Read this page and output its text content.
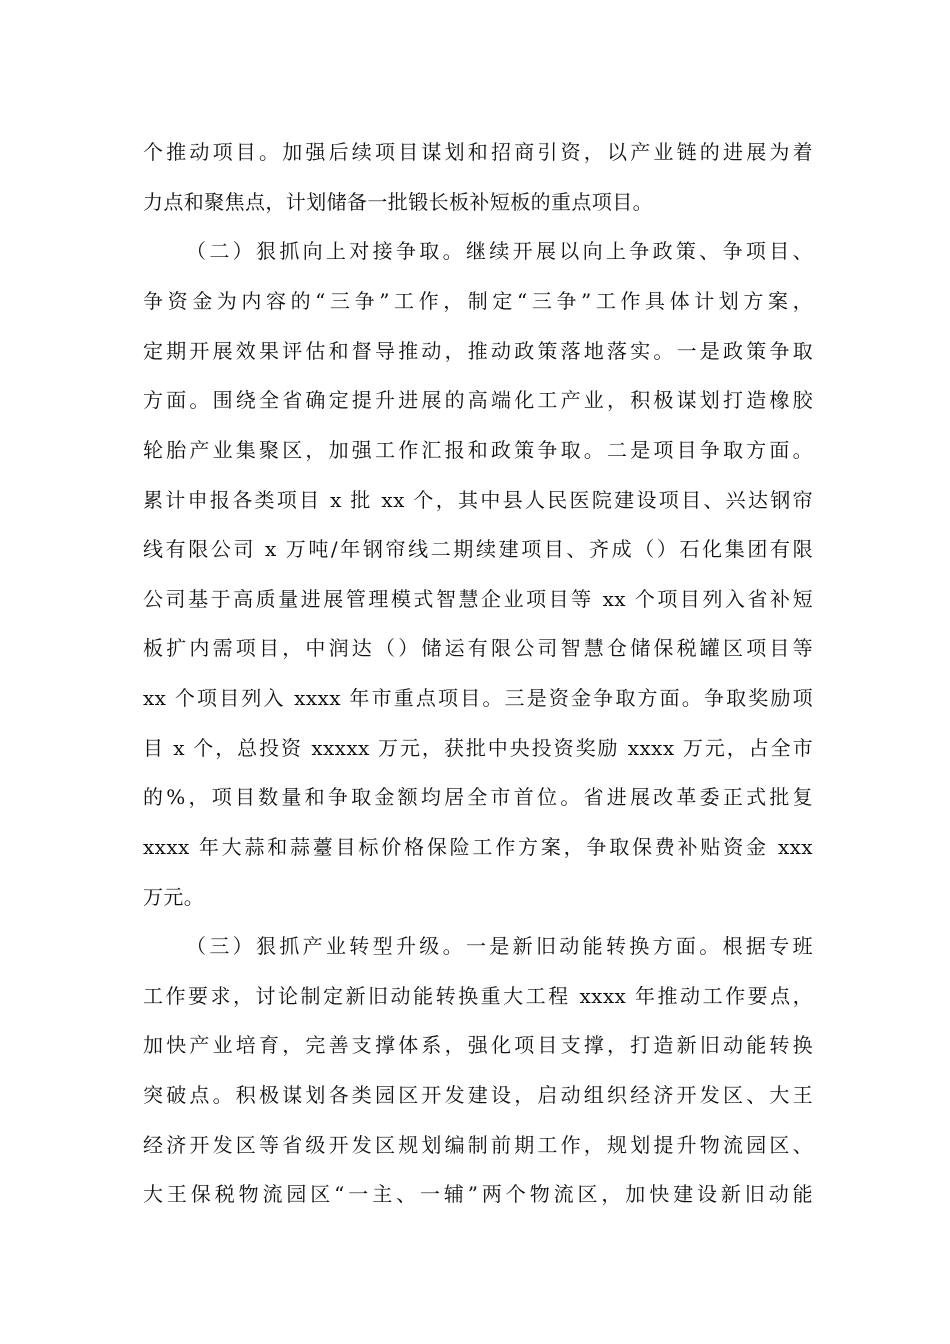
个推动项目。加强后续项目谋划和招商引资，以产业链的进展为着
力点和聚焦点，计划储备一批锻长板补短板的重点项目。
（二）狠抓向上对接争取。继续开展以向上争政策、争项目、
争资金为内容的“三争”工作，制定“三争”工作具体计划方案，
定期开展效果评估和督导推动，推动政策落地落实。一是政策争取
方面。围绕全省确定提升进展的高端化工产业，积极谋划打造橡胶
轮胎产业集聚区，加强工作汇报和政策争取。二是项目争取方面。
累计申报各类项目 x 批 xx 个，其中县人民医院建设项目、兴达钢帘
线有限公司 x 万吨/年钢帘线二期续建项目、齐成（）石化集团有限
公司基于高质量进展管理模式智慧企业项目等 xx 个项目列入省补短
板扩内需项目，中润达（）储运有限公司智慧仓储保税罐区项目等
xx 个项目列入 xxxx 年市重点项目。三是资金争取方面。争取奖励项
目 x 个，总投资 xxxxx 万元，获批中央投资奖励 xxxx 万元，占全市
的%，项目数量和争取金额均居全市首位。省进展改革委正式批复
xxxx 年大蒜和蒜薹目标价格保险工作方案，争取保费补贴资金 xxx
万元。
（三）狠抓产业转型升级。一是新旧动能转换方面。根据专班
工作要求，讨论制定新旧动能转换重大工程 xxxx 年推动工作要点，
加快产业培育，完善支撑体系，强化项目支撑，打造新旧动能转换
突破点。积极谋划各类园区开发建设，启动组织经济开发区、大王
经济开发区等省级开发区规划编制前期工作，规划提升物流园区、
大王保税物流园区“一主、一辅”两个物流区，加快建设新旧动能
